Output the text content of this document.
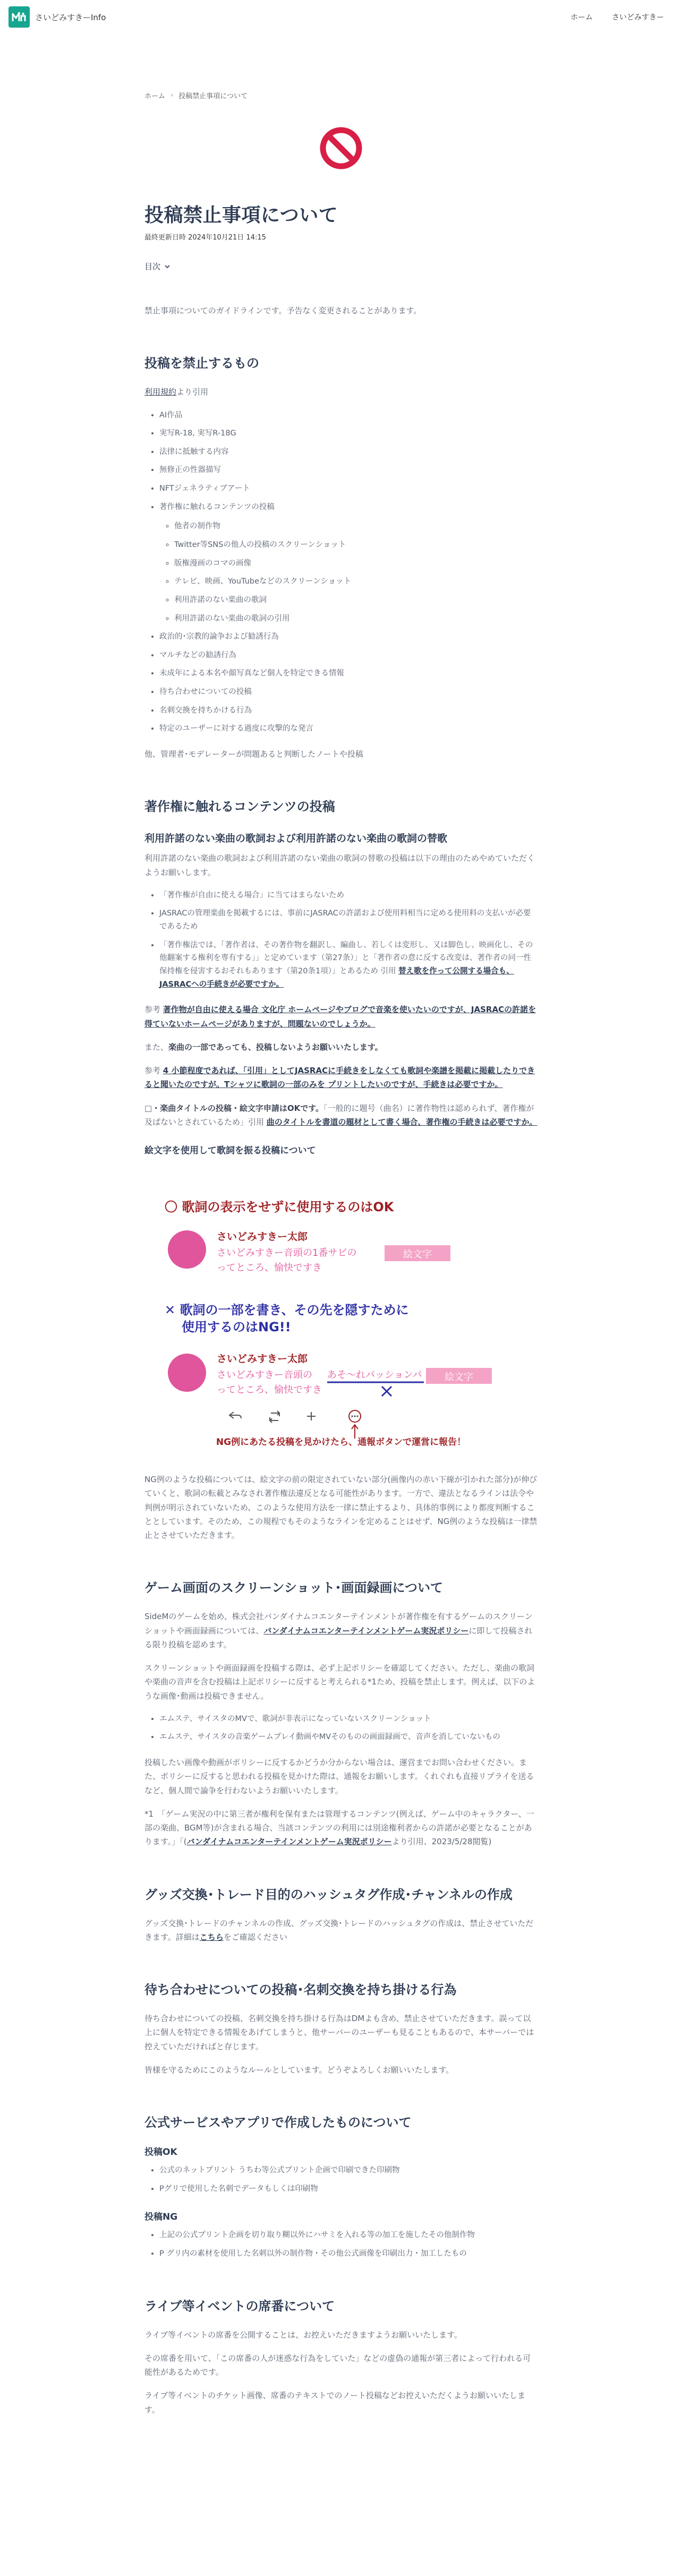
さいどみすきーInfo	ホーム	さいどみすきー
ホーム › 投稿禁止事項について
投稿禁止事項について
最終更新日時 2024年10月21日 14:15
目次

禁止事項についてのガイドラインです。予告なく変更されることがあります。

投稿を禁止するもの

利用規約より引用

• AI作品
• 実写R-18, 実写R-18G
• 法律に抵触する内容
• 無修正の性器描写
• NFTジェネラティブアート
• 著作権に触れるコンテンツの投稿
◦ 他者の制作物
◦ Twitter等SNSの他人の投稿のスクリーンショット
◦ 版権漫画のコマの画像
◦ テレビ、映画、YouTubeなどのスクリーンショット
◦ 利用許諾のない楽曲の歌詞
◦ 利用許諾のない楽曲の歌詞の引用
• 政治的･宗教的論争および勧誘行為
• マルチなどの勧誘行為
• 未成年による本名や顔写真など個人を特定できる情報
• 待ち合わせについての投稿
• 名刺交換を持ちかける行為
• 特定のユーザーに対する過度に攻撃的な発言

他、管理者･モデレーターが問題あると判断したノートや投稿

著作権に触れるコンテンツの投稿
利用許諾のない楽曲の歌詞および利用許諾のない楽曲の歌詞の替歌

利用許諾のない楽曲の歌詞および利用許諾のない楽曲の歌詞の替歌の投稿は以下の理由のためやめていただくようお願いします。

• 「著作権が自由に使える場合」に当てはまらないため
• JASRACの管理楽曲を掲載するには、事前にJASRACの許諾および使用料相当に定める使用料の支払いが必要であるため
• 「著作権法では、「著作者は、その著作物を翻訳し、編曲し、若しくは変形し、又は脚色し、映画化し、その他翻案する権利を専有する」」と定めています（第27条）」と「著作者の意に反する改変は、著作者の同一性保持権を侵害するおそれもあります（第20条1項）」とあるため 引用 替え歌を作って公開する場合も、JASRACへの手続きが必要ですか。

参考 著作物が自由に使える場合 文化庁 ホームページやブログで音楽を使いたいのですが、JASRACの許諾を得ていないホームページがありますが、問題ないのでしょうか。

また、楽曲の一部であっても、投稿しないようお願いいたします。

参考 4 小節程度であれば、「引用」としてJASRACに手続きをしなくても歌詞や楽譜を掲載に掲載したりできると聞いたのですが。Tシャツに歌詞の一部のみを プリントしたいのですが、手続きは必要ですか。

□・楽曲タイトルの投稿・絵文字申請はOKです。「一般的に題号（曲名）に著作物性は認められず、著作権が及ばないとされているため」引用 曲のタイトルを書道の題材として書く場合、著作権の手続きは必要ですか。

絵文字を使用して歌詞を振る投稿について
〇 歌詞の表示をせずに使用するのはOK
さいどみすきー太郎
さいどみすきー音頭の1番サビの	絵文字
ってところ、愉快ですき
✕ 歌詞の一部を書き、その先を隠すために
使用するのはNG!!
さいどみすきー太郎
さいどみすきー音頭の あそ〜れパッションパ 絵文字
ってところ、愉快ですき
NG例にあたる投稿を見かけたら、通報ボタンで運営に報告！

NG例のような投稿については、絵文字の前の限定されていない部分(画像内の赤い下線が引かれた部分)が伸びていくと、歌詞の転載とみなされ著作権法違反となる可能性があります。一方で、違法となるラインは法令や判例が明示されていないため、このような使用方法を一律に禁止するより、具体的事例により都度判断することとしています。そのため、この規程でもそのようなラインを定めることはせず、NG例のような投稿は一律禁止とさせていただきます。

ゲーム画面のスクリーンショット･画面録画について

SideMのゲームを始め、株式会社バンダイナムコエンターテインメントが著作権を有するゲームのスクリーンショットや画面録画については、バンダイナムコエンターテインメントゲーム実況ポリシーに即して投稿される限り投稿を認めます。

スクリーンショットや画面録画を投稿する際は、必ず上記ポリシーを確認してください。ただし、楽曲の歌詞や楽曲の音声を含む投稿は上記ポリシーに反すると考えられる*1ため、投稿を禁止します。例えば、以下のような画像･動画は投稿できません。

• エムステ、サイスタのMVで、歌詞が非表示になっていないスクリーンショット
• エムステ、サイスタの音楽ゲームプレイ動画やMVそのものの画面録画で、音声を消していないもの

投稿したい画像や動画がポリシーに反するかどうか分からない場合は、運営までお問い合わせください。また、ポリシーに反すると思われる投稿を見かけた際は、通報をお願いします。くれぐれも直接リプライを送るなど、個人間で論争を行わないようお願いいたします。

*1　「ゲーム実況の中に第三者が権利を保有または管理するコンテンツ(例えば、ゲーム中のキャラクター、一部の楽曲、BGM等)が含まれる場合、当該コンテンツの利用には別途権利者からの許諾が必要となることがあります。」「(バンダイナムコエンターテインメントゲーム実況ポリシーより引用、2023/5/28閲覧)

グッズ交換･トレード目的のハッシュタグ作成･チャンネルの作成

グッズ交換･トレードのチャンネルの作成、グッズ交換･トレードのハッシュタグの作成は、禁止させていただきます。詳細はこちらをご確認ください

待ち合わせについての投稿･名刺交換を持ち掛ける行為

待ち合わせについての投稿、名刺交換を持ち掛ける行為はDMよも含め、禁止させていただきます。誤って以上に個人を特定できる情報をあげてしまうと、他サーバーのユーザーも見ることもあるので、本サーバーでは控えていただければと存じます。

皆様を守るためにこのようなルールとしています。どうぞよろしくお願いいたします。

公式サービスやアプリで作成したものについて
投稿OK
• 公式のネットプリント うちわ等公式プリント企画で印刷できた印刷物
• Pグリで使用した名刺でデータもしくは印刷物
投稿NG
• 上記の公式プリント企画を切り取り糊以外にハサミを入れる等の加工を施したその他制作物
• P グリ内の素材を使用した名刺以外の制作物・その他公式画像を印刷出力・加工したもの
ライブ等イベントの席番について

ライブ等イベントの席番を公開することは、お控えいただきますようお願いいたします。

その席番を用いて、「この席番の人が迷惑な行為をしていた」などの虚偽の通報が第三者によって行われる可能性があるためです。

ライブ等イベントのチケット画像、席番のテキストでのノート投稿などお控えいただくようお願いいたします。
